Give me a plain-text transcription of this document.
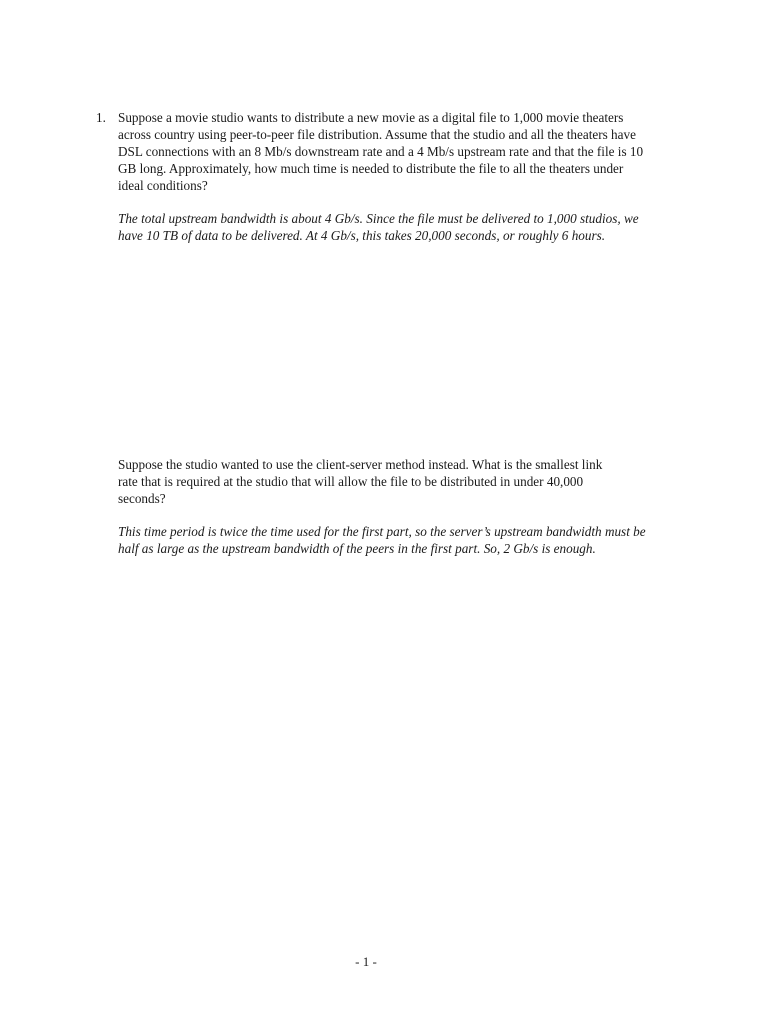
1. Suppose a movie studio wants to distribute a new movie as a digital file to 1,000 movie theaters
across country using peer-to-peer file distribution. Assume that the studio and all the theaters have
DSL connections with an 8 Mb/s downstream rate and a 4 Mb/s upstream rate and that the file is 10
GB long. Approximately, how much time is needed to distribute the file to all the theaters under
ideal conditions?

The total upstream bandwidth is about 4 Gb/s. Since the file must be delivered to 1,000 studios, we
have 10 TB of data to be delivered. At 4 Gb/s, this takes 20,000 seconds, or roughly 6 hours.

Suppose the studio wanted to use the client-server method instead. What is the smallest link
rate that is required at the studio that will allow the file to be distributed in under 40,000
seconds?

This time period is twice the time used for the first part, so the server’s upstream bandwidth must be
half as large as the upstream bandwidth of the peers in the first part. So, 2 Gb/s is enough.

- 1 -
